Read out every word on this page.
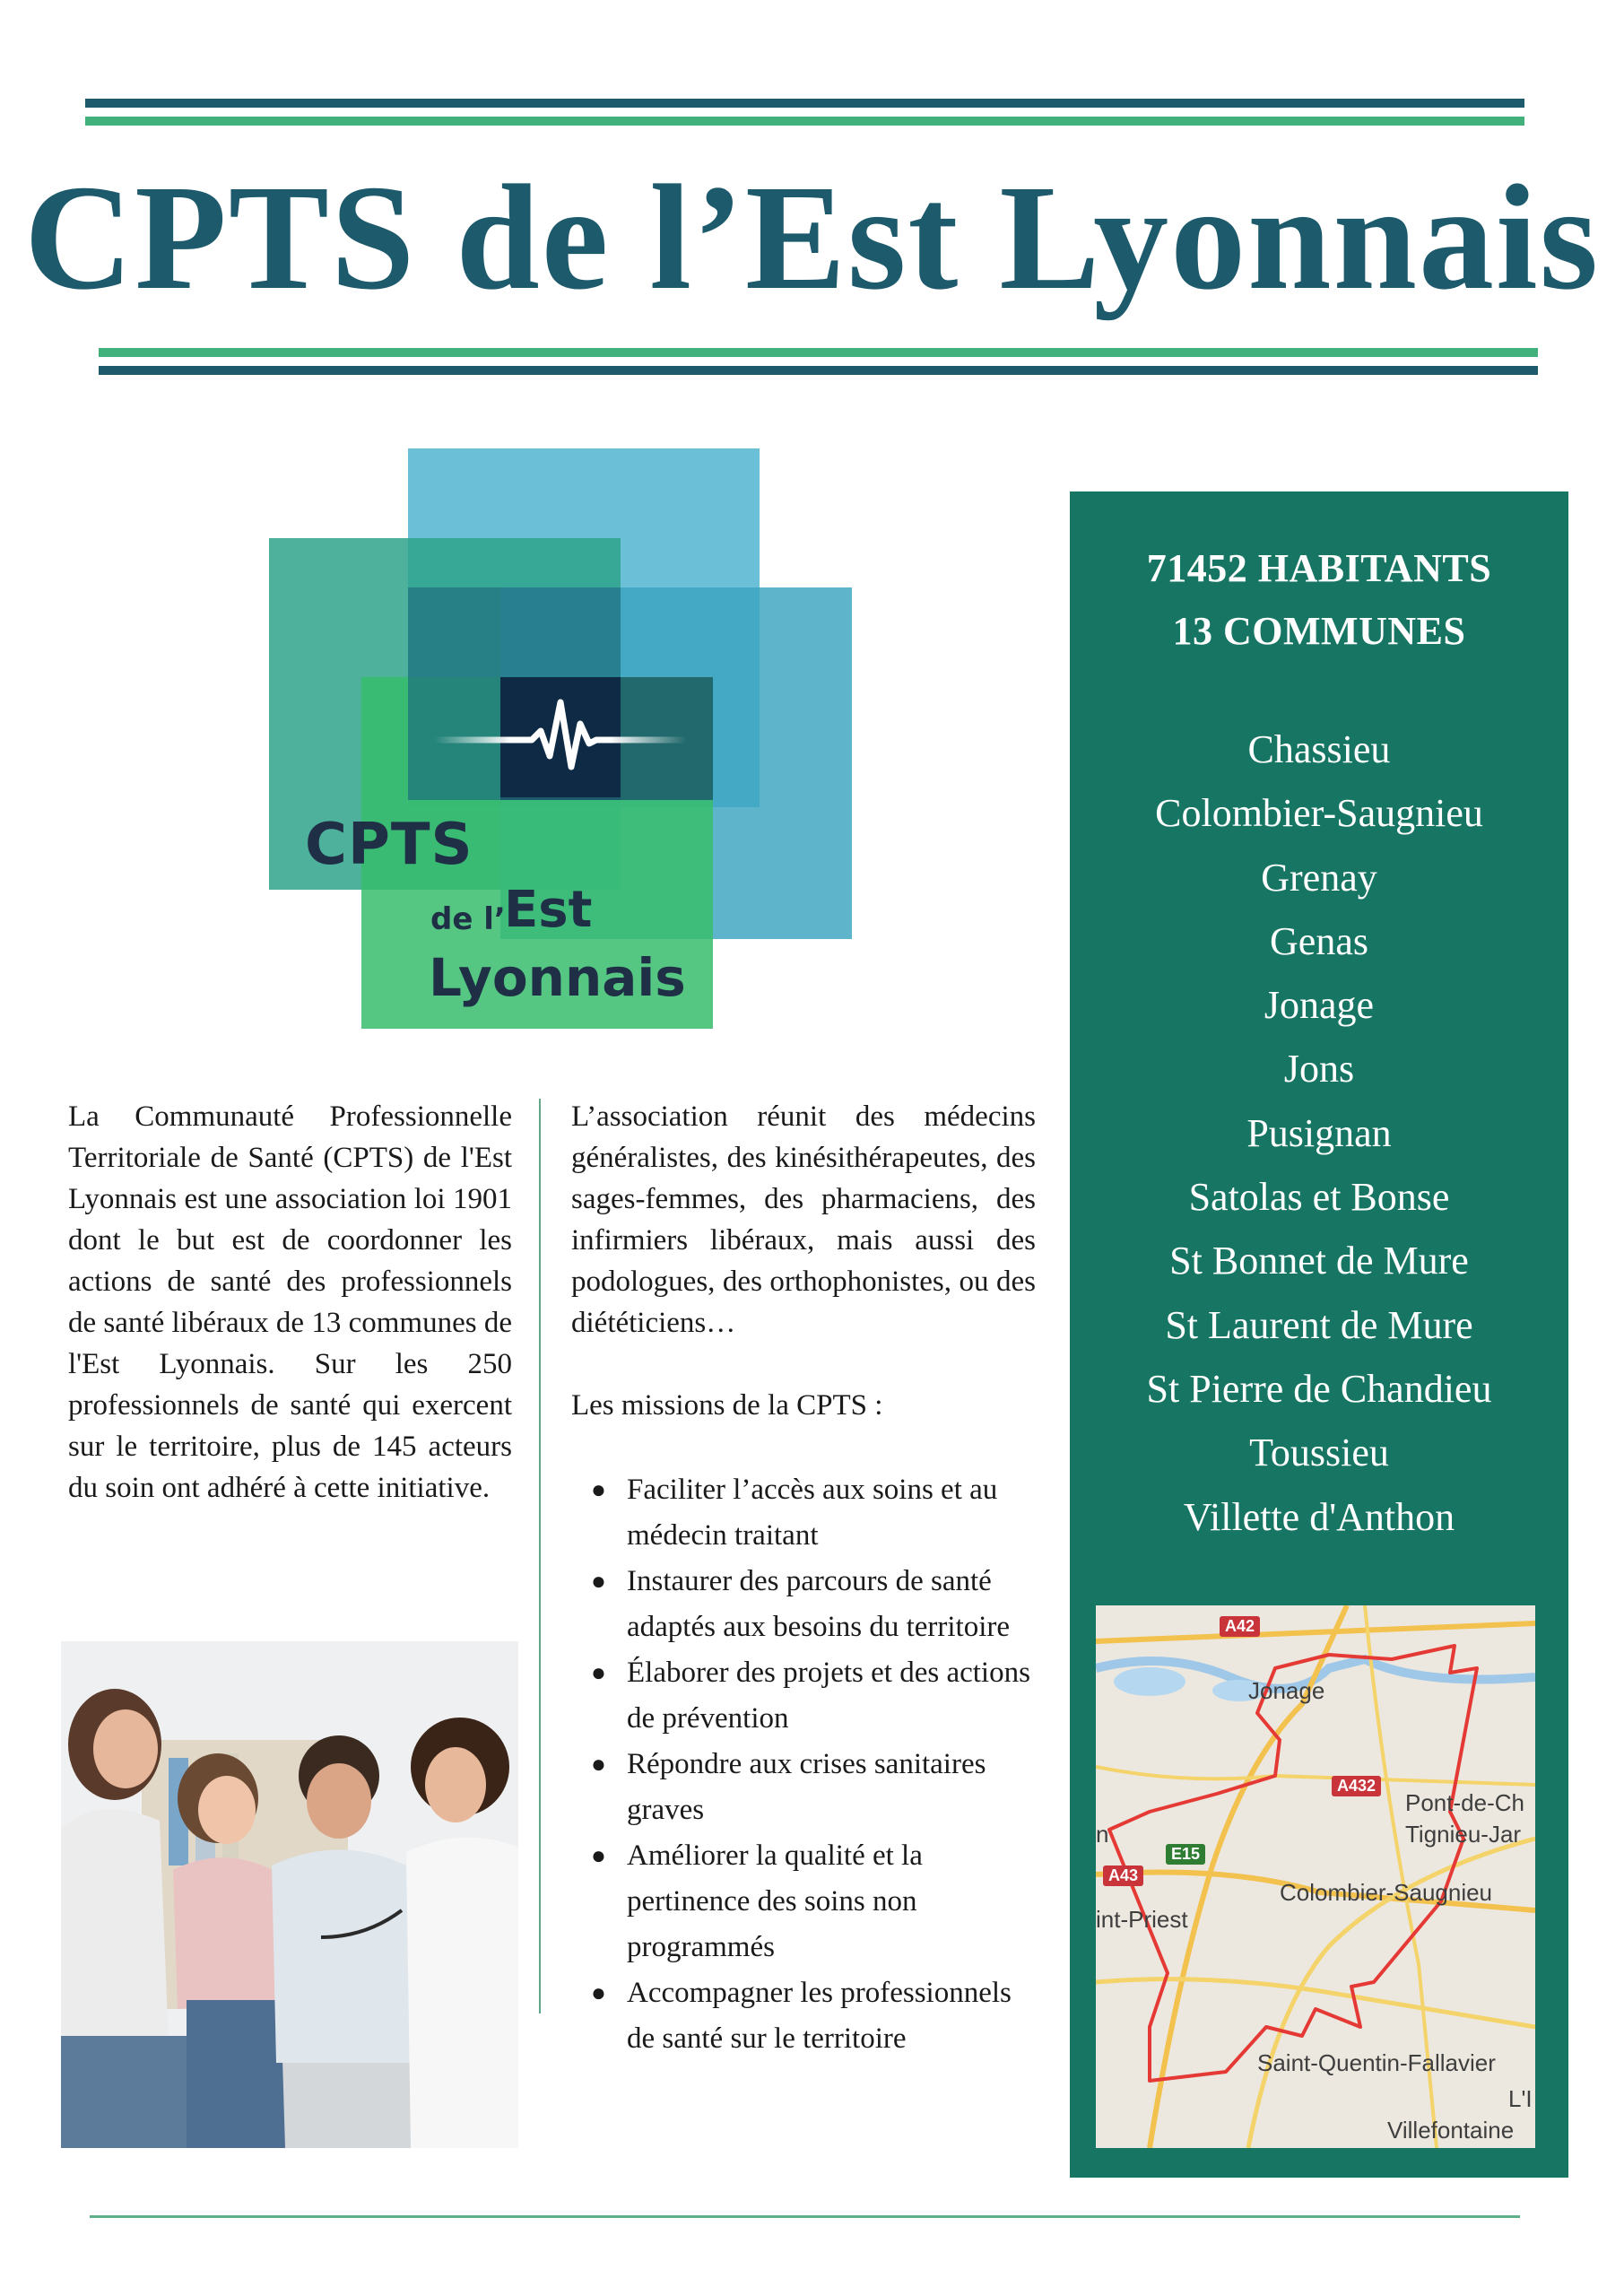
CPTS de l’Est Lyonnais
CPTS
de l’
Est
Lyonnais

La Communauté Professionnelle Territoriale de Santé (CPTS) de l'Est Lyonnais est une association loi 1901 dont le but est de coordonner les actions de santé des professionnels de santé libéraux de 13 communes de l'Est Lyonnais. Sur les 250 professionnels de santé qui exercent sur le territoire, plus de 145 acteurs du soin ont adhéré à cette initiative.

L’association réunit des médecins généralistes, des kinésithérapeutes, des sages-femmes, des pharmaciens, des infirmiers libéraux, mais aussi des podologues, des orthophonistes, ou des diététiciens…

Les missions de la CPTS :

● Faciliter l’accès aux soins et au médecin traitant
● Instaurer des parcours de santé adaptés aux besoins du territoire
● Élaborer des projets et des actions de prévention
● Répondre aux crises sanitaires graves
● Améliorer la qualité et la pertinence des soins non programmés
● Accompagner les professionnels de santé sur le territoire
71452 HABITANTS
13 COMMUNES
Chassieu
Colombier-Saugnieu
Grenay
Genas
Jonage
Jons
Pusignan
Satolas et Bonse
St Bonnet de Mure
St Laurent de Mure
St Pierre de Chandieu
Toussieu
Villette d'Anthon
A42
A432
E15
A43
Jonage
Pont-de-Ch
Tignieu-Jar
Colombier-Saugnieu
n
int-Priest
Saint-Quentin-Fallavier
L'I
Villefontaine
